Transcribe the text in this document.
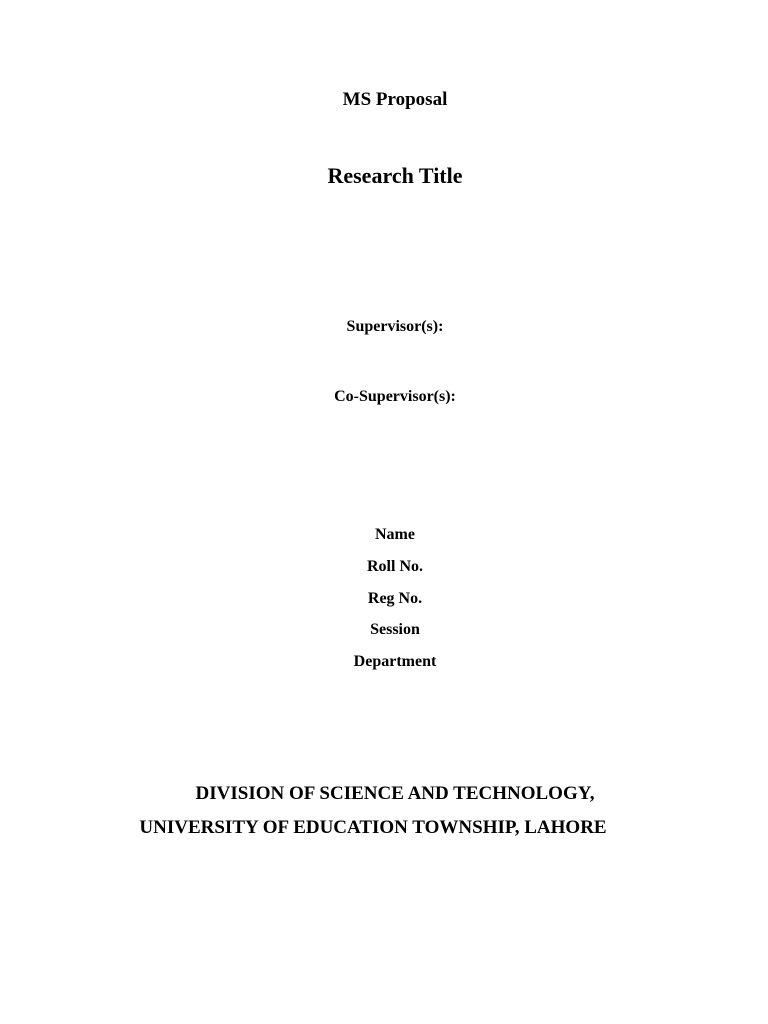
MS Proposal
Research Title
Supervisor(s):
Co-Supervisor(s):
Name
Roll No.
Reg No.
Session
Department
DIVISION OF SCIENCE AND TECHNOLOGY,
UNIVERSITY OF EDUCATION TOWNSHIP, LAHORE
